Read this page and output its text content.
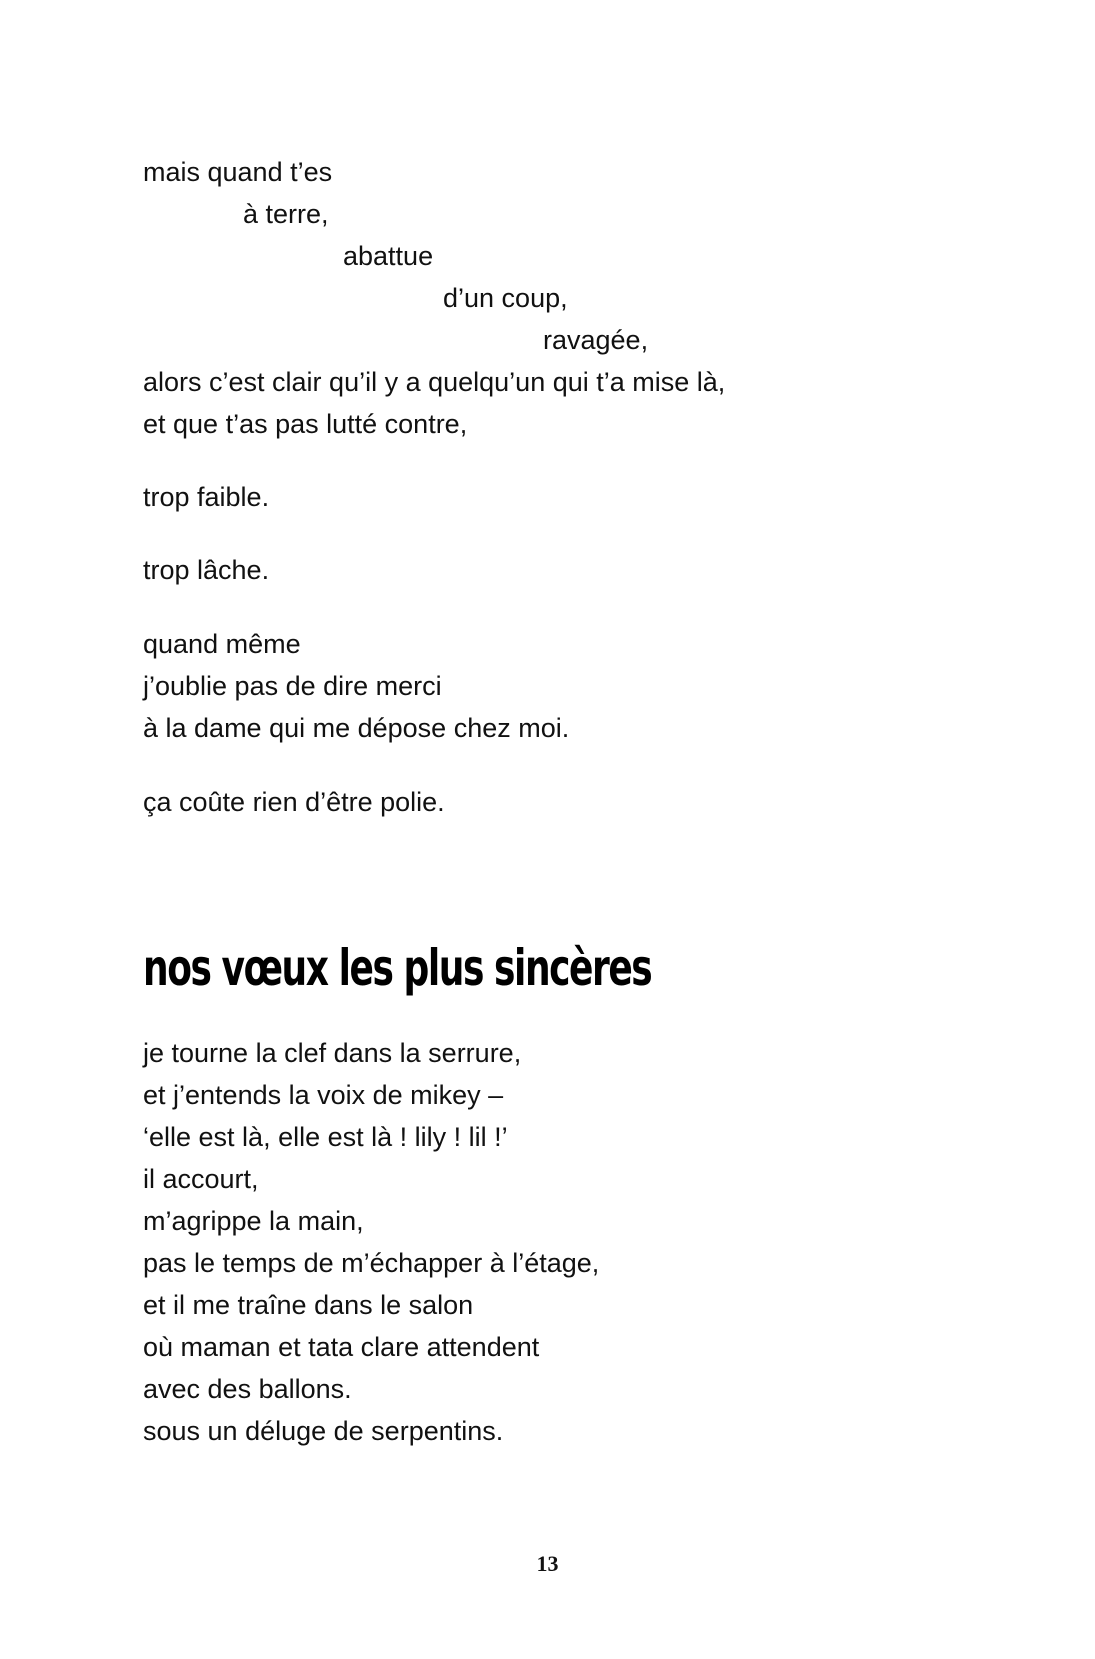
mais quand t’es
à terre,
abattue
d’un coup,
ravagée,
alors c’est clair qu’il y a quelqu’un qui t’a mise là,
et que t’as pas lutté contre,
trop faible.
trop lâche.
quand même
j’oublie pas de dire merci
à la dame qui me dépose chez moi.
ça coûte rien d’être polie.
nos vœux les plus sincères
je tourne la clef dans la serrure,
et j’entends la voix de mikey –
‘elle est là, elle est là ! lily ! lil !’
il accourt,
m’agrippe la main,
pas le temps de m’échapper à l’étage,
et il me traîne dans le salon
où maman et tata clare attendent
avec des ballons.
sous un déluge de serpentins.
13
